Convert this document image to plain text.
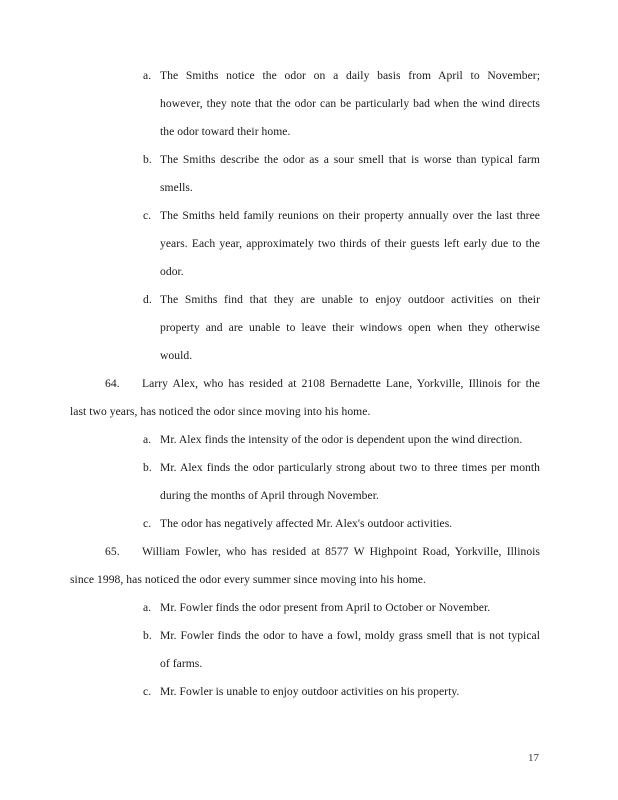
a. The Smiths notice the odor on a daily basis from April to November;
however, they note that the odor can be particularly bad when the wind directs
the odor toward their home.
b. The Smiths describe the odor as a sour smell that is worse than typical farm
smells.
c. The Smiths held family reunions on their property annually over the last three
years. Each year, approximately two thirds of their guests left early due to the
odor.
d. The Smiths find that they are unable to enjoy outdoor activities on their
property and are unable to leave their windows open when they otherwise
would.
64. Larry Alex, who has resided at 2108 Bernadette Lane, Yorkville, Illinois for the
last two years, has noticed the odor since moving into his home.
a. Mr. Alex finds the intensity of the odor is dependent upon the wind direction.
b. Mr. Alex finds the odor particularly strong about two to three times per month
during the months of April through November.
c. The odor has negatively affected Mr. Alex's outdoor activities.
65. William Fowler, who has resided at 8577 W Highpoint Road, Yorkville, Illinois
since 1998, has noticed the odor every summer since moving into his home.
a. Mr. Fowler finds the odor present from April to October or November.
b. Mr. Fowler finds the odor to have a fowl, moldy grass smell that is not typical
of farms.
c. Mr. Fowler is unable to enjoy outdoor activities on his property.
17
